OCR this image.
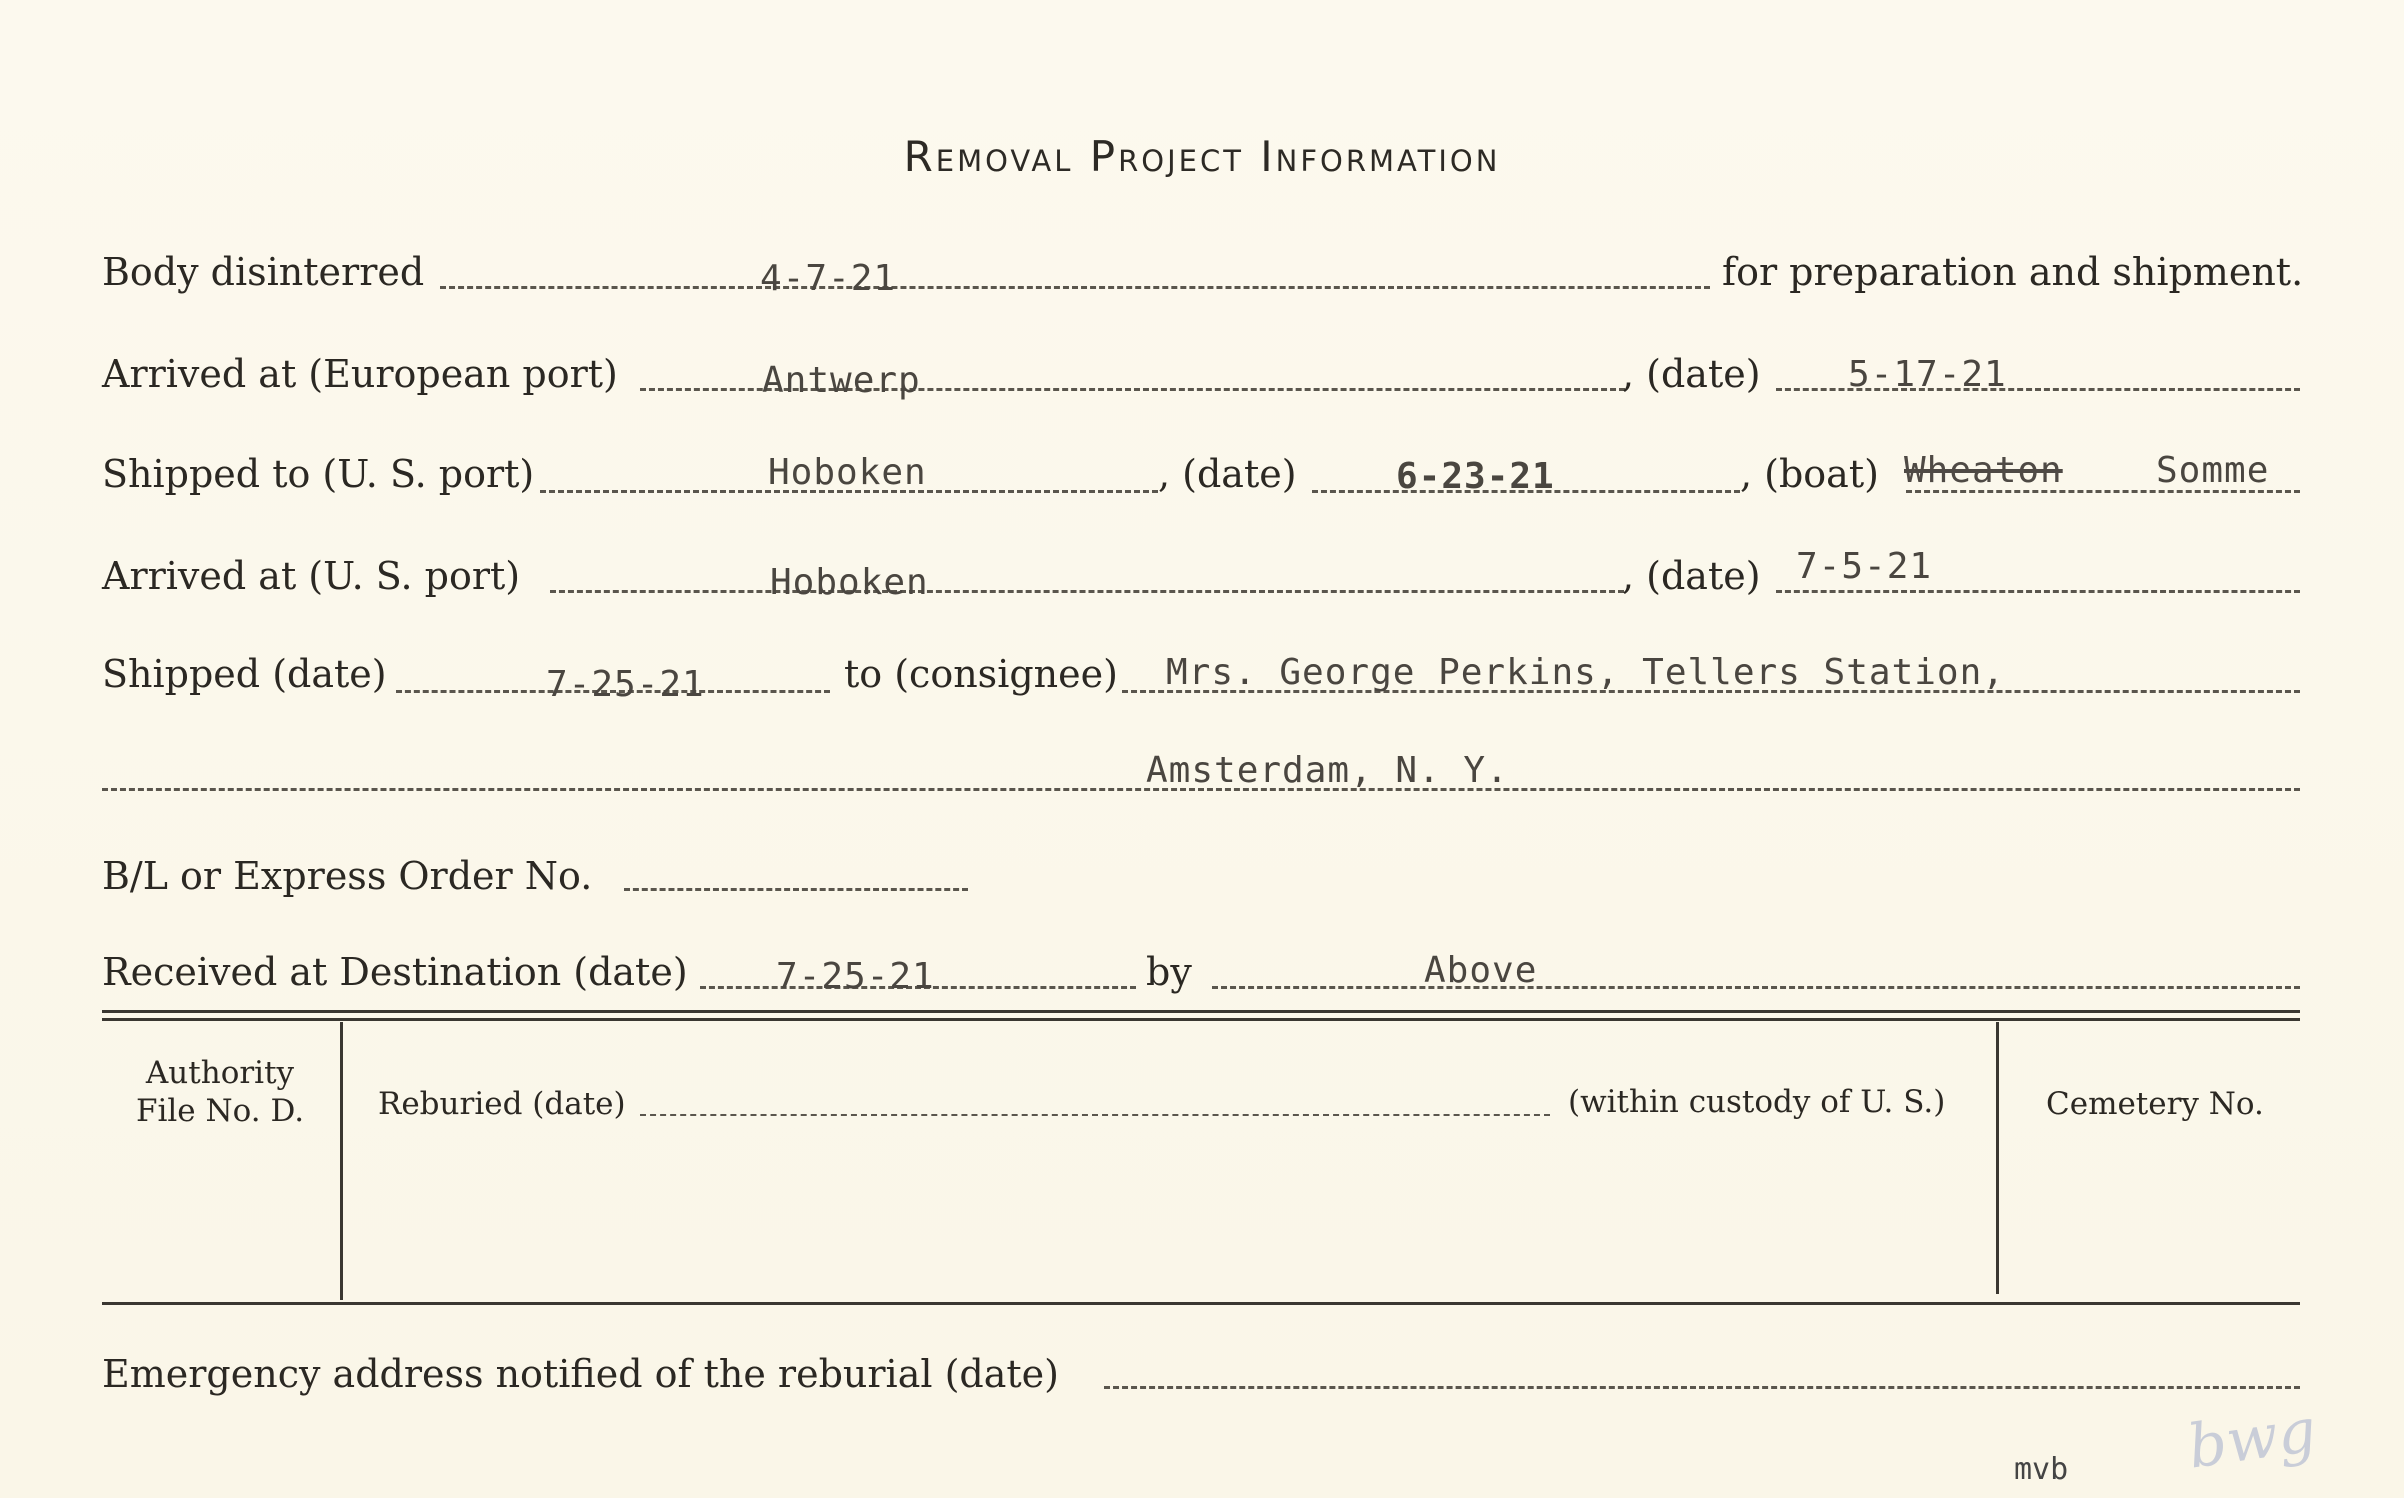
Removal Project Information
Body disinterred	4-7-21	for preparation and shipment.
Arrived at (European port)	Antwerp	, (date) 5-17-21
Shipped to (U. S. port)	Hoboken	, (date)	6-23-21	, (boat) Wheaton	Somme
Arrived at (U. S. port)	Hoboken	, (date) 7-5-21
Shipped (date)	7-25-21	to (consignee) Mrs. George Perkins, Tellers Station,
Amsterdam, N. Y.
B/L or Express Order No.
Received at Destination (date) 7-25-21	by	Above
Authority
File No. D.	Reburied (date)	(within custody of U. S.)	Cemetery No.
Emergency address notified of the reburial (date)
mvb bwg
